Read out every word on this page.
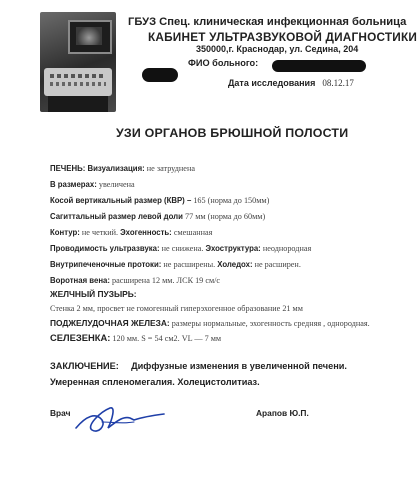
ГБУЗ Спец. клиническая инфекционная больница
КАБИНЕТ УЛЬТРАЗВУКОВОЙ ДИАГНОСТИКИ
350000,г. Краснодар, ул. Седина, 204
ФИО больного:
Дата исследования 08.12.17
УЗИ ОРГАНОВ БРЮШНОЙ ПОЛОСТИ
ПЕЧЕНЬ: Визуализация: не затруднена
В размерах: увеличена
Косой вертикальный размер (КВР) – 165 (норма до 150мм)
Сагиттальный размер левой доли 77 мм (норма до 60мм)
Контур: не четкий. Эхогенность: смешанная
Проводимость ультразвука: не снижена. Эхоструктура: неоднородная
Внутрипеченочные протоки: не расширены. Холедох: не расширен.
Воротная вена: расширена 12 мм. ЛСК 19 см/с
ЖЕЛЧНЫЙ ПУЗЫРЬ:
Стенка 2 мм, просвет не гомогенный гиперэхогенное образование 21 мм
ПОДЖЕЛУДОЧНАЯ ЖЕЛЕЗА: размеры нормальные, эхогенность средняя , однородная.
СЕЛЕЗЕНКА: 120 мм. S = 54 см2. VL — 7 мм
ЗАКЛЮЧЕНИЕ: Диффузные изменения в увеличенной печени. Умеренная спленомегалия. Холецистолитиаз.
Врач	Арапов Ю.П.
